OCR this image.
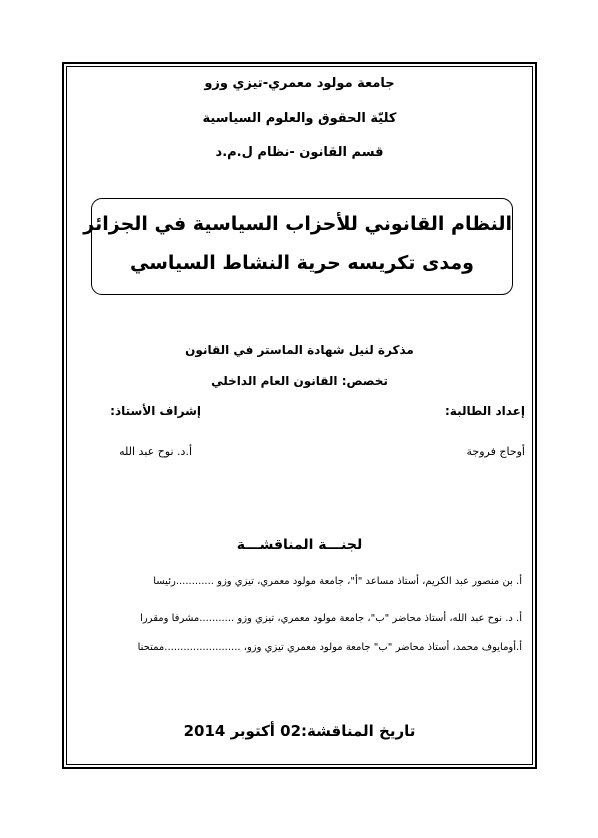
جامعة مولود معمري-تيزي وزو
كليّة الحقوق والعلوم السياسية
قسم القانون -نظام ل.م.د
النظام القانوني للأحزاب السياسية في الجزائر
ومدى تكريسه حرية النشاط السياسي
مذكرة لنيل شهادة الماستر في القانون
تخصص: القانون العام الداخلي
إعداد الطالبة:
إشراف الأستاذ:
أوحاج فروجة
أ.د. نوح عبد الله
لجنـــة المناقشـــة
أ. بن منصور عبد الكريم، أستاذ مساعد "أ"، جامعة مولود معمري، تيزي وزو ............رئيسا
أ. د. نوح عبد الله، أستاذ محاضر "ب"، جامعة مولود معمري، تيزي وزو ...........مشرفا ومقررا
أ.أومايوف محمد، أستاذ محاضر "ب" جامعة مولود معمري تيزي وزو، ........................ممتحنا
تاريخ المناقشة:02 أكتوبر 2014
